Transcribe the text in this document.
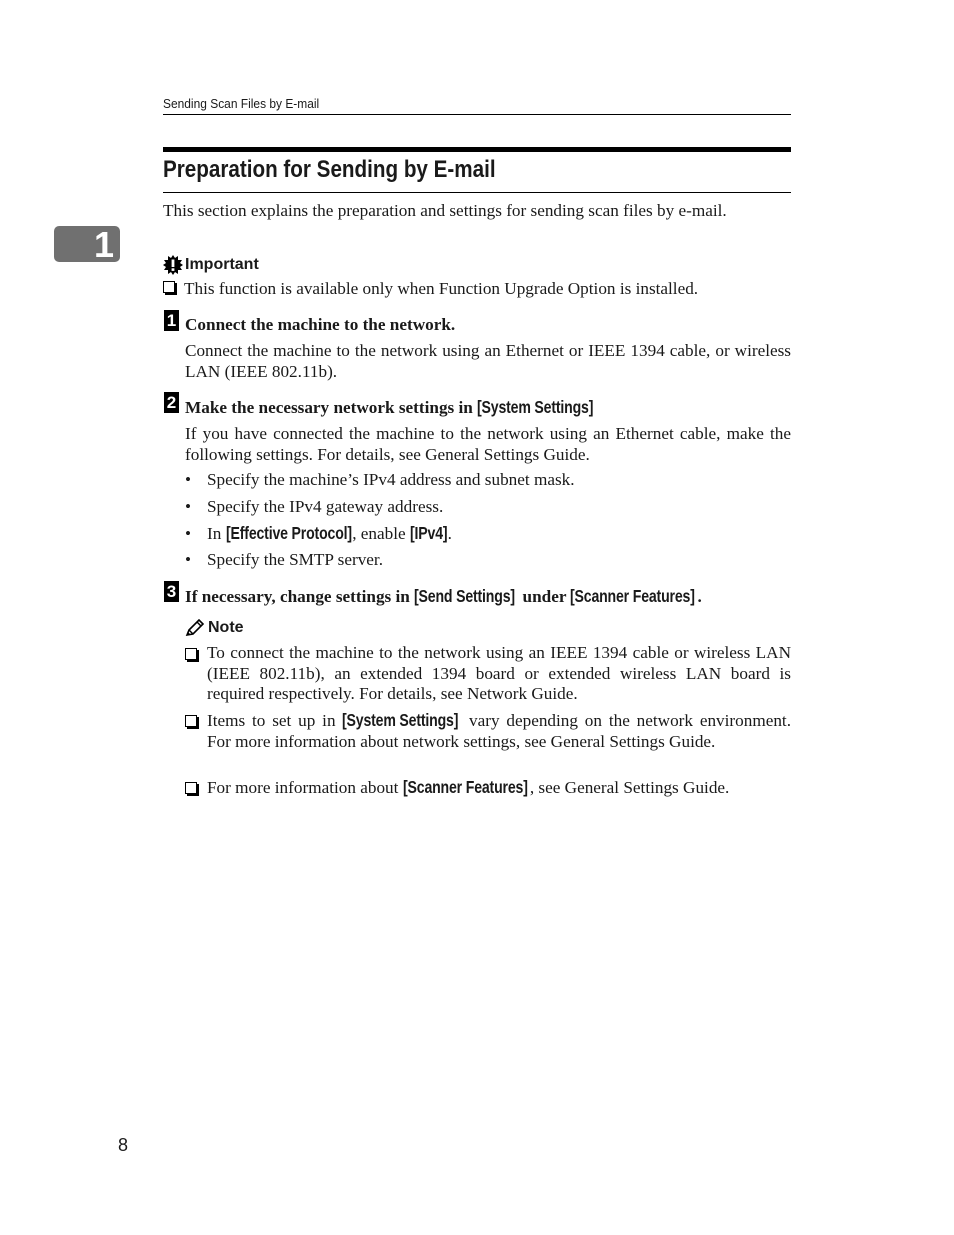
Sending Scan Files by E-mail
1
Preparation for Sending by E-mail
This section explains the preparation and settings for sending scan files by e-mail.
Important
This function is available only when Function Upgrade Option is installed.
1 Connect the machine to the network.
Connect the machine to the network using an Ethernet or IEEE 1394 cable, or wireless LAN (IEEE 802.11b).
2 Make the necessary network settings in [System Settings]
If you have connected the machine to the network using an Ethernet cable, make the following settings. For details, see General Settings Guide.
• Specify the machine’s IPv4 address and subnet mask.
• Specify the IPv4 gateway address.
• In [Effective Protocol], enable [IPv4].
• Specify the SMTP server.
3 If necessary, change settings in [Send Settings] under [Scanner Features] .
Note
To connect the machine to the network using an IEEE 1394 cable or wireless LAN (IEEE 802.11b), an extended 1394 board or extended wireless LAN board is required respectively. For details, see Network Guide.
Items to set up in [System Settings] vary depending on the network environment. For more information about network settings, see General Settings Guide.
For more information about [Scanner Features] , see General Settings Guide.
8
